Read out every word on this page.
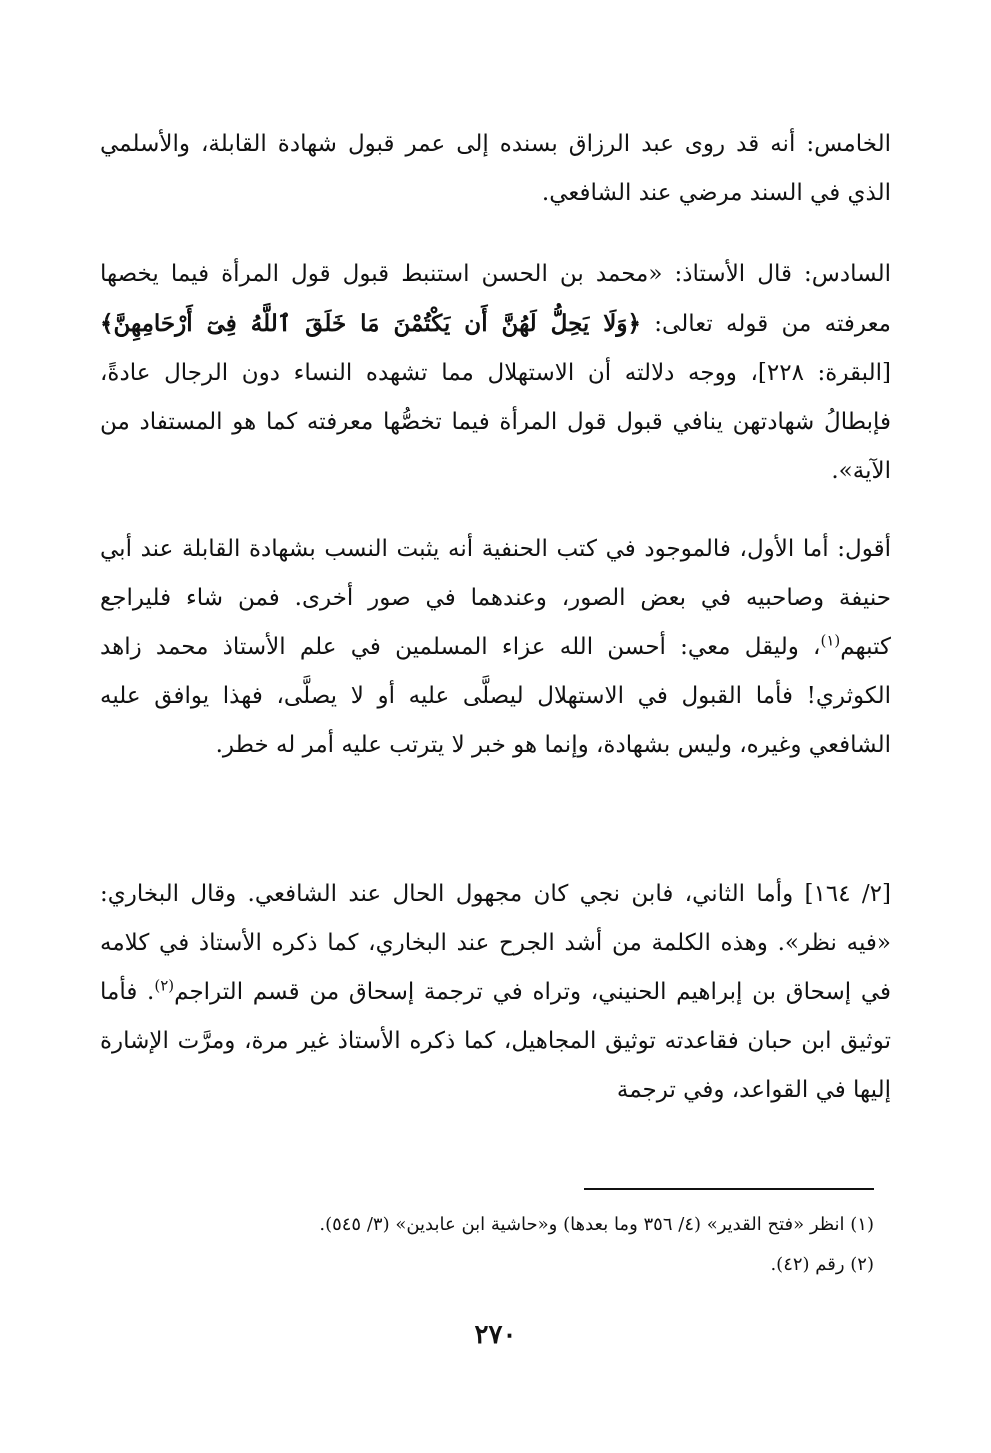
الخامس: أنه قد روى عبد الرزاق بسنده إلى عمر قبول شهادة القابلة، والأسلمي الذي في السند مرضي عند الشافعي.

السادس: قال الأستاذ: «محمد بن الحسن استنبط قبول قول المرأة فيما يخصها معرفته من قوله تعالى: ﴿وَلَا يَحِلُّ لَهُنَّ أَن يَكْتُمْنَ مَا خَلَقَ ٱللَّهُ فِىٓ أَرْحَامِهِنَّ﴾ [البقرة: ٢٢٨]، ووجه دلالته أن الاستهلال مما تشهده النساء دون الرجال عادةً، فإبطالُ شهادتهن ينافي قبول قول المرأة فيما تخصُّها معرفته كما هو المستفاد من الآية».

أقول: أما الأول، فالموجود في كتب الحنفية أنه يثبت النسب بشهادة القابلة عند أبي حنيفة وصاحبيه في بعض الصور، وعندهما في صور أخرى. فمن شاء فليراجع كتبهم$^{(١)}$، وليقل معي: أحسن الله عزاء المسلمين في علم الأستاذ محمد زاهد الكوثري! فأما القبول في الاستهلال ليصلَّى عليه أو لا يصلَّى، فهذا يوافق عليه الشافعي وغيره، وليس بشهادة، وإنما هو خبر لا يترتب عليه أمر له خطر.

[٢/ ١٦٤] وأما الثاني، فابن نجي كان مجهول الحال عند الشافعي. وقال البخاري: «فيه نظر». وهذه الكلمة من أشد الجرح عند البخاري، كما ذكره الأستاذ في كلامه في إسحاق بن إبراهيم الحنيني، وتراه في ترجمة إسحاق من قسم التراجم$^{(٢)}$. فأما توثيق ابن حبان فقاعدته توثيق المجاهيل، كما ذكره الأستاذ غير مرة، ومرَّت الإشارة إليها في القواعد، وفي ترجمة

(١) انظر «فتح القدير» (٤/ ٣٥٦ وما بعدها) و«حاشية ابن عابدين» (٣/ ٥٤٥).
(٢) رقم (٤٢).
٢٧٠
